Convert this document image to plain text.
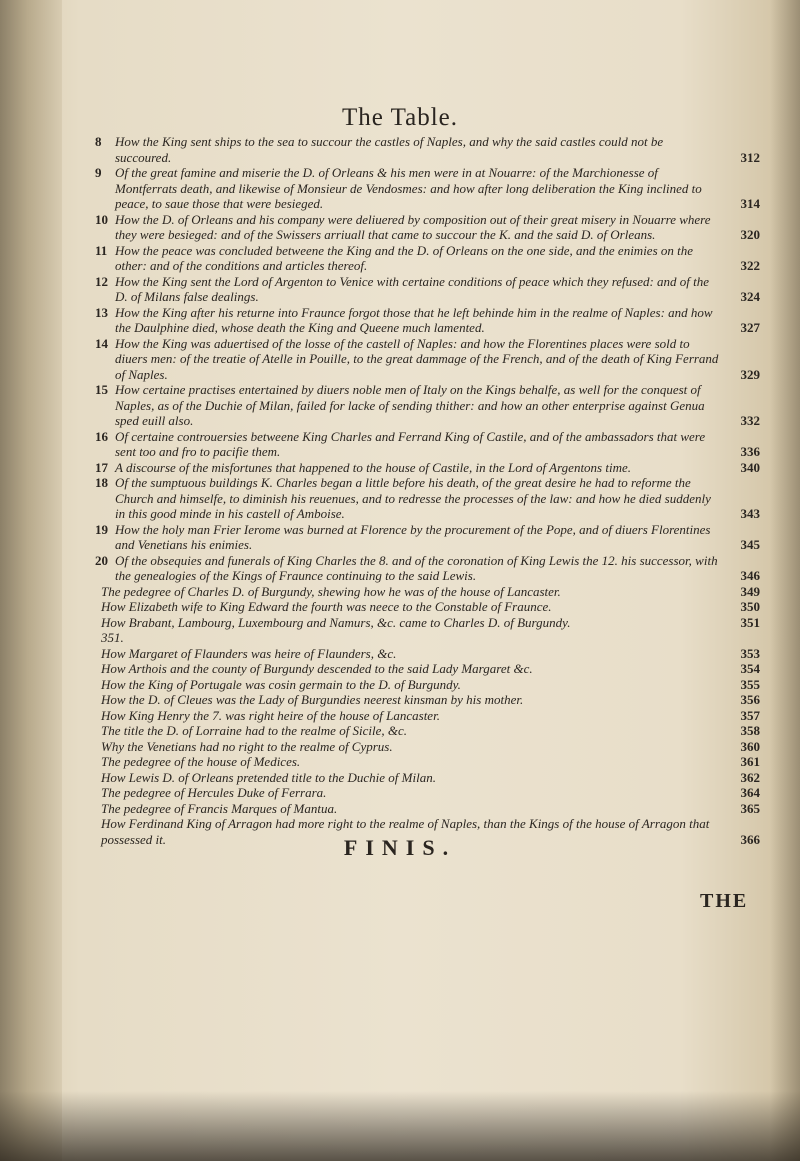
The Table.

8 How the King sent ships to the sea to succour the castles of Naples, and why the said castles could not be succoured.	312

9 Of the great famine and miserie the D. of Orleans & his men were in at Nouarre: of the Marchionesse of Montferrats death, and likewise of Monsieur de Vendosmes: and how after long deliberation the King inclined to peace, to saue those that were besieged.	314

10 How the D. of Orleans and his company were deliuered by composition out of their great misery in Nouarre where they were besieged: and of the Swissers arriuall that came to succour the K. and the said D. of Orleans.	320

11 How the peace was concluded betweene the King and the D. of Orleans on the one side, and the enimies on the other: and of the conditions and articles thereof.	322

12 How the King sent the Lord of Argenton to Venice with certaine conditions of peace which they refused: and of the D. of Milans false dealings.	324

13 How the King after his returne into Fraunce forgot those that he left behinde him in the realme of Naples: and how the Daulphine died, whose death the King and Queene much lamented.	327

14 How the King was aduertised of the losse of the castell of Naples: and how the Florentines places were sold to diuers men: of the treatie of Atelle in Pouille, to the great dammage of the French, and of the death of King Ferrand of Naples.	329

15 How certaine practises entertained by diuers noble men of Italy on the Kings behalfe, as well for the conquest of Naples, as of the Duchie of Milan, failed for lacke of sending thither: and how an other enterprise against Genua sped euill also.	332

16 Of certaine controuersies betweene King Charles and Ferrand King of Castile, and of the ambassadors that were sent too and fro to pacifie them.	336

17 A discourse of the misfortunes that happened to the house of Castile, in the Lord of Argentons time.	340

18 Of the sumptuous buildings K. Charles began a little before his death, of the great desire he had to reforme the Church and himselfe, to diminish his reuenues, and to redresse the processes of the law: and how he died suddenly in this good minde in his castell of Amboise.	343

19 How the holy man Frier Ierome was burned at Florence by the procurement of the Pope, and of diuers Florentines and Venetians his enimies.	345

20 Of the obsequies and funerals of King Charles the 8. and of the coronation of King Lewis the 12. his successor, with the genealogies of the Kings of Fraunce continuing to the said Lewis.	346

The pedegree of Charles D. of Burgundy, shewing how he was of the house of Lancaster.	349

How Elizabeth wife to King Edward the fourth was neece to the Constable of Fraunce.	350

How Brabant, Lambourg, Luxembourg and Namurs, &c. came to Charles D. of Burgundy.	351

351.

How Margaret of Flaunders was heire of Flaunders, &c.	353

How Arthois and the county of Burgundy descended to the said Lady Margaret &c.	354

How the King of Portugale was cosin germain to the D. of Burgundy.	355

How the D. of Cleues was the Lady of Burgundies neerest kinsman by his mother.	356

How King Henry the 7. was right heire of the house of Lancaster.	357

The title the D. of Lorraine had to the realme of Sicile, &c.	358

Why the Venetians had no right to the realme of Cyprus.	360

The pedegree of the house of Medices.	361

How Lewis D. of Orleans pretended title to the Duchie of Milan.	362

The pedegree of Hercules Duke of Ferrara.	364

The pedegree of Francis Marques of Mantua.	365

How Ferdinand King of Arragon had more right to the realme of Naples, than the Kings of the house of Arragon that possessed it.	366

FINIS.
THE
